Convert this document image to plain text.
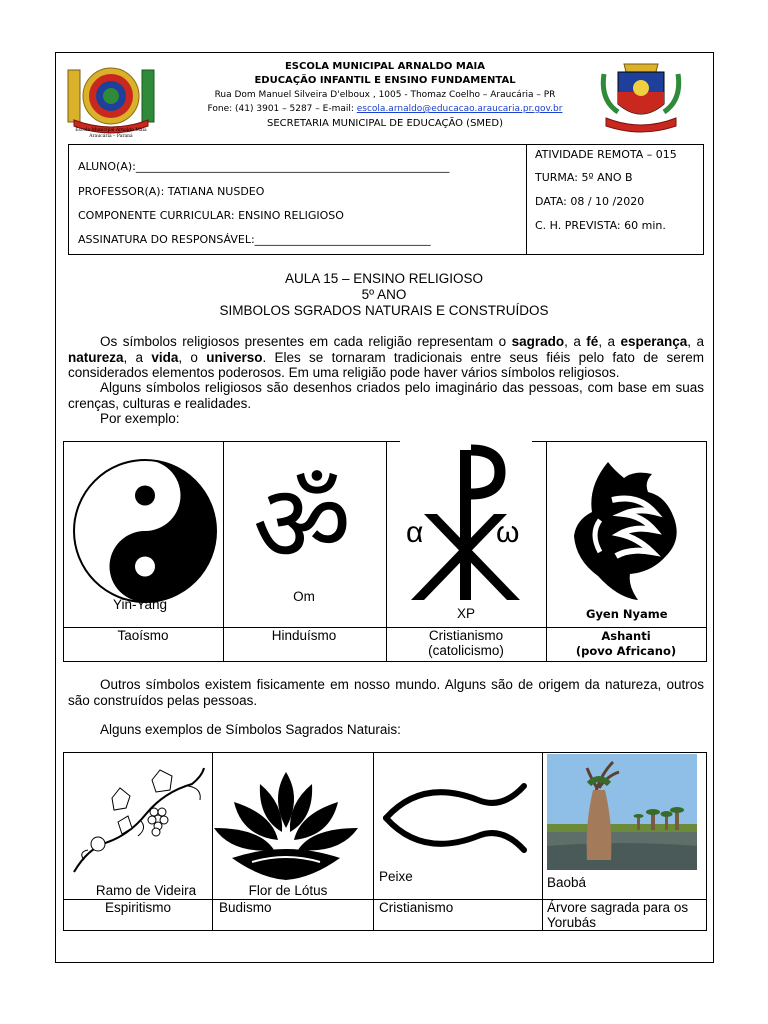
Escola Municipal Arnaldo Maia
Araucária – Paraná
ESCOLA MUNICIPAL ARNALDO MAIA
EDUCAÇÃO INFANTIL E ENSINO FUNDAMENTAL
Rua Dom Manuel Silveira D'elboux , 1005 - Thomaz Coelho – Araucária – PR
Fone: (41) 3901 – 5287 – E-mail: escola.arnaldo@educacao.araucaria.pr.gov.br
SECRETARIA MUNICIPAL DE EDUCAÇÃO (SMED)
ALUNO(A):_________________________________________________________
PROFESSOR(A): TATIANA NUSDEO
COMPONENTE CURRICULAR: ENSINO RELIGIOSO
ASSINATURA DO RESPONSÁVEL:________________________________
ATIVIDADE REMOTA – 015
TURMA: 5º ANO B
DATA: 08 / 10 /2020
C. H. PREVISTA: 60 min.
AULA 15 – ENSINO RELIGIOSO
5º ANO
SIMBOLOS SGRADOS NATURAIS E CONSTRUÍDOS
Os símbolos religiosos presentes em cada religião representam o sagrado, a fé, a esperança, a natureza, a vida, o universo. Eles se tornaram tradicionais entre seus fiéis pelo fato de serem considerados elementos poderosos. Em uma religião pode haver vários símbolos religiosos.
Alguns símbolos religiosos são desenhos criados pelo imaginário das pessoas, com base em suas crenças, culturas e realidades.
Por exemplo:
Yin-Yang
Taoísmo
ॐ
Om
Hinduísmo
α ω
XP
Cristianismo
(catolicismo)
Gyen Nyame
Ashanti
(povo Africano)
Outros símbolos existem fisicamente em nosso mundo. Alguns são de origem da natureza, outros são construídos pelas pessoas.
Alguns exemplos de Símbolos Sagrados Naturais:
Ramo de Videira
Espiritismo
Flor de Lótus
Budismo
Peixe
Cristianismo
Baobá
Árvore sagrada para os Yorubás
